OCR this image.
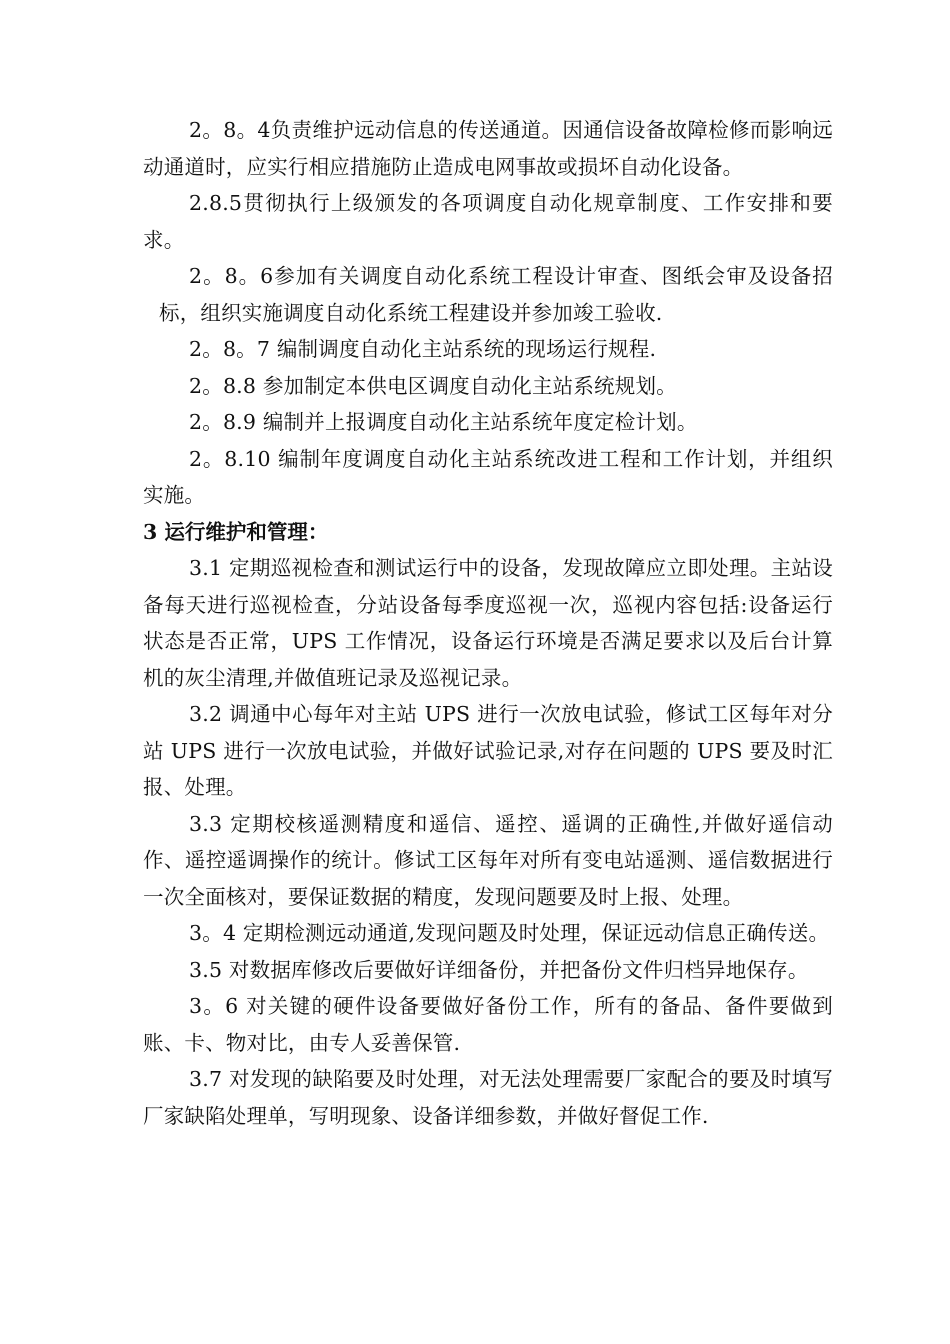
2。8。4负责维护远动信息的传送通道。因通信设备故障检修而影响远动通道时，应实行相应措施防止造成电网事故或损坏自动化设备。

2.8.5贯彻执行上级颁发的各项调度自动化规章制度、工作安排和要求。

2。8。6参加有关调度自动化系统工程设计审查、图纸会审及设备招标，组织实施调度自动化系统工程建设并参加竣工验收.

2。8。7 编制调度自动化主站系统的现场运行规程.

2。8.8 参加制定本供电区调度自动化主站系统规划。

2。8.9 编制并上报调度自动化主站系统年度定检计划。

2。8.10 编制年度调度自动化主站系统改进工程和工作计划，并组织实施。

3 运行维护和管理：

3.1 定期巡视检查和测试运行中的设备，发现故障应立即处理。主站设备每天进行巡视检查，分站设备每季度巡视一次，巡视内容包括:设备运行状态是否正常，UPS 工作情况，设备运行环境是否满足要求以及后台计算机的灰尘清理,并做值班记录及巡视记录。

3.2 调通中心每年对主站 UPS 进行一次放电试验，修试工区每年对分站 UPS 进行一次放电试验，并做好试验记录,对存在问题的 UPS 要及时汇报、处理。

3.3 定期校核遥测精度和遥信、遥控、遥调的正确性,并做好遥信动作、遥控遥调操作的统计。修试工区每年对所有变电站遥测、遥信数据进行一次全面核对，要保证数据的精度，发现问题要及时上报、处理。

3。4 定期检测远动通道,发现问题及时处理，保证远动信息正确传送。

3.5 对数据库修改后要做好详细备份，并把备份文件归档异地保存。

3。6 对关键的硬件设备要做好备份工作，所有的备品、备件要做到账、卡、物对比，由专人妥善保管.

3.7 对发现的缺陷要及时处理，对无法处理需要厂家配合的要及时填写厂家缺陷处理单，写明现象、设备详细参数，并做好督促工作.
